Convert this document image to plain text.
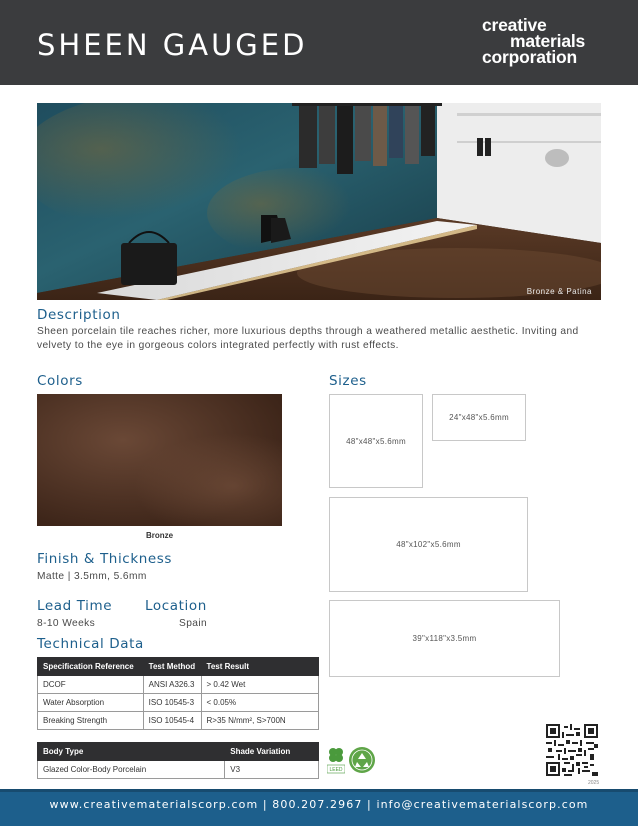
SHEEN GAUGED
creative
materials
corporation
Bronze & Patina
Description
Sheen porcelain tile reaches richer, more luxurious depths through a weathered metallic aesthetic. Inviting and velvety to the eye in gorgeous colors integrated perfectly with rust effects.
Colors
Bronze
Sizes
48"x48"x5.6mm
24"x48"x5.6mm
48"x102"x5.6mm
39"x118"x3.5mm
Finish & Thickness
Matte | 3.5mm, 5.6mm
Lead Time
8-10 Weeks
Location
Spain
Technical Data
Specification Reference	Test Method	Test Result
DCOF	ANSI A326.3	> 0.42 Wet
Water Absorption	ISO 10545-3	< 0.05%
Breaking Strength	ISO 10545-4	R>35 N/mm², S>700N
Body Type	Shade Variation
Glazed Color-Body Porcelain	V3	LEED
2025
www.creativematerialscorp.com | 800.207.2967 | info@creativematerialscorp.com
